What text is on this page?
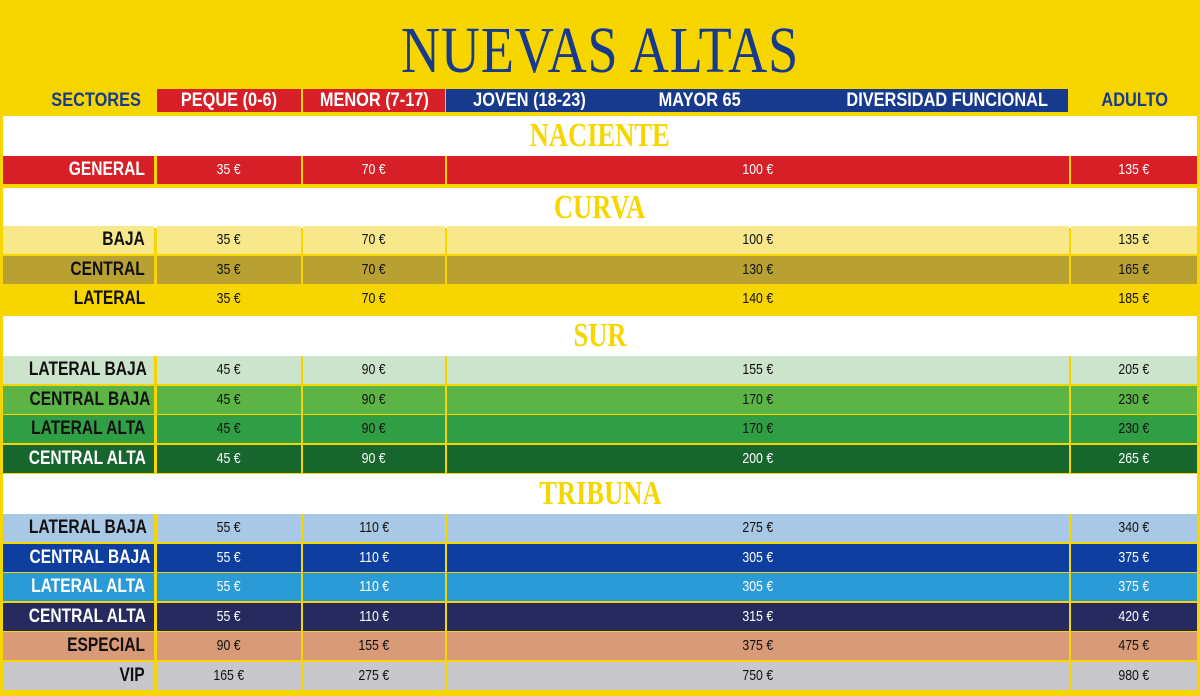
NUEVAS ALTAS
SECTORES	PEQUE (0-6)	MENOR (7-17)	JOVEN (18-23)	MAYOR 65	DIVERSIDAD FUNCIONAL	ADULTO
NACIENTE
GENERAL	35 €	70 €	100 €	135 €
CURVA
BAJA	35 €	70 €	100 €	135 €
CENTRAL	35 €	70 €	130 €	165 €
LATERAL	35 €	70 €	140 €	185 €
SUR
LATERAL BAJA	45 €	90 €	155 €	205 €
CENTRAL BAJA	45 €	90 €	170 €	230 €
LATERAL ALTA	45 €	90 €	170 €	230 €
CENTRAL ALTA	45 €	90 €	200 €	265 €
TRIBUNA
LATERAL BAJA	55 €	110 €	275 €	340 €
CENTRAL BAJA	55 €	110 €	305 €	375 €
LATERAL ALTA	55 €	110 €	305 €	375 €
CENTRAL ALTA	55 €	110 €	315 €	420 €
ESPECIAL	90 €	155 €	375 €	475 €
VIP	165 €	275 €	750 €	980 €
